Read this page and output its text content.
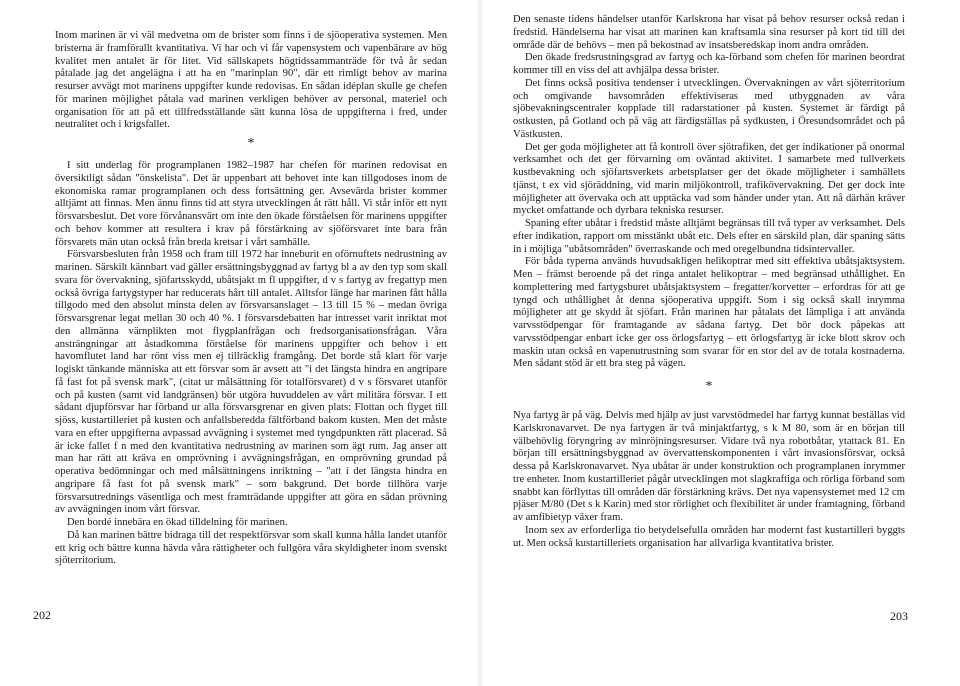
Inom marinen är vi väl medvetna om de brister som finns i de sjöoperativa systemen. Men bristerna är framförallt kvantitativa. Vi har och vi får vapensystem och vapenbärare av hög kvalitet men antalet är för litet. Vid sällskapets högtidssammanträde för två år sedan påtalade jag det angelägna i att ha en "marinplan 90", där ett rimligt behov av marina resurser avvägt mot marinens uppgifter kunde redovisas. En sådan idéplan skulle ge chefen för marinen möjlighet påtala vad marinen verkligen behöver av personal, materiel och organisation för att på ett tillfredsställande sätt kunna lösa de uppgifterna i fred, under neutralitet och i krigsfallet.

*

I sitt underlag för programplanen 1982–1987 har chefen för marinen redovisat en översiktligt sådan "önskelista". Det är uppenbart att behovet inte kan tillgodoses inom de ekonomiska ramar programplanen och dess fortsättning ger. Avsevärda brister kommer alltjämt att finnas. Men ännu finns tid att styra utvecklingen åt rätt håll. Vi står inför ett nytt försvarsbeslut. Det vore förvånansvärt om inte den ökade förståelsen för marinens uppgifter och behov kommer att resultera i krav på förstärkning av sjöförsvaret inte bara från försvarets män utan också från breda kretsar i vårt samhälle.

Försvarsbesluten från 1958 och fram till 1972 har inneburit en oförnuftets nedrustning av marinen. Särskilt kännbart vad gäller ersättningsbyggnad av fartyg bl a av den typ som skall svara för övervakning, sjöfartsskydd, ubåtsjakt m fl uppgifter, d v s fartyg av fregattyp men också övriga fartygstyper har reducerats hårt till antalet. Alltsfor länge har marinen fått hålla tillgodo med den absolut minsta delen av försvarsanslaget – 13 till 15 % – medan övriga försvarsgrenar legat mellan 30 och 40 %. I försvarsdebatten har intresset varit inriktat mot den allmänna värnplikten mot flygplanfrågan och fredsorganisationsfrågan. Våra ansträngningar att åstadkomma förståelse för marinens uppgifter och behov i ett havomflutet land har rönt viss men ej tillräcklig framgång. Det borde stå klart för varje logiskt tänkande människa att ett försvar som är avsett att "i det längsta hindra en angripare få fast fot på svensk mark", (citat ur målsättning för totalförsvaret) d v s försvaret utanför och på kusten (samt vid landgränsen) bör utgöra huvuddelen av vårt militära försvar. I ett sådant djupförsvar har förband ur alla försvarsgrenar en given plats: Flottan och flyget till sjöss, kustartilleriet på kusten och anfallsberedda fältförband bakom kusten. Men det måste vara en efter uppgifterna avpassad avvägning i systemet med tyngdpunkten rätt placerad. Så är icke fallet f n med den kvantitativa nedrustning av marinen som ägt rum. Jag anser att man har rätt att kräva en omprövning i avvägningsfrågan, en omprövning grundad på operativa bedömningar och med målsättningens inriktning – "att i det längsta hindra en angripare få fast fot på svensk mark" – som bakgrund. Det borde tillhöra varje försvarsutrednings väsentliga och mest framträdande uppgifter att göra en sådan prövning av avvägningen inom vårt försvar.

Den bordé innebära en ökad tilldelning för marinen.

Då kan marinen bättre bidraga till det respektförsvar som skall kunna hålla landet utanför ett krig och bättre kunna hävda våra rättigheter och fullgöra våra skyldigheter inom svenskt sjöterritorium.

202

Den senaste tidens händelser utanför Karlskrona har visat på behov resurser också redan i fredstid. Händelserna har visat att marinen kan kraftsamla sina resurser på kort tid till det område där de behövs – men på bekostnad av insatsberedskap inom andra områden.

Den ökade fredsrustningsgrad av fartyg och ka-förband som chefen för marinen beordrat kommer till en viss del att avhjälpa dessa brister.

Det finns också positiva tendenser i utvecklingen. Övervakningen av vårt sjöterritorium och omgivande havsområden effektiviseras med utbyggnaden av våra sjöbevakningscentraler kopplade till radarstationer på kusten. Systemet är färdigt på ostkusten, på Gotland och på väg att färdigställas på sydkusten, i Öresundsområdet och på Västkusten.

Det ger goda möjligheter att få kontroll över sjötrafiken, det ger indikationer på onormal verksamhet och det ger förvarning om oväntad aktivitet. I samarbete med tullverkets kustbevakning och sjöfartsverkets arbetsplatser ger det ökade möjligheter i samhällets tjänst, t ex vid sjöräddning, vid marin miljökontroll, trafikövervakning. Det ger dock inte möjligheter att övervaka och att upptäcka vad som händer under ytan. Att nå därhän kräver mycket omfattande och dyrbara tekniska resurser.

Spaning efter ubåtar i fredstid måste alltjämt begränsas till två typer av verksamhet. Dels efter indikation, rapport om misstänkt ubåt etc. Dels efter en särskild plan, där spaning sätts in i möjliga "ubåtsområden" överraskande och med oregelbundna tidsintervaller.

För båda typerna används huvudsakligen helikoptrar med sitt effektiva ubåtsjaktsystem. Men – främst beroende på det ringa antalet helikoptrar – med begränsad uthållighet. En komplettering med fartygsburet ubåtsjaktsystem – fregatter/korvetter – erfordras för att ge tyngd och uthållighet åt denna sjöoperativa uppgift. Som i sig också skall inrymma möjligheter att ge skydd åt sjöfart. Från marinen har påtalats det lämpliga i att använda varvsstödpengar för framtagande av sådana fartyg. Det bör dock påpekas att varvsstödpengar enbart icke ger oss örlogsfartyg – ett örlogsfartyg är icke blott skrov och maskin utan också en vapenutrustning som svarar för en stor del av de totala kostnaderna. Men sådant stöd är ett bra steg på vägen.

*

Nya fartyg är på väg. Delvis med hjälp av just varvstödmedel har fartyg kunnat beställas vid Karlskronavarvet. De nya fartygen är två minjaktfartyg, s k M 80, som är en början till välbehövlig föryngring av minröjningsresurser. Vidare två nya robotbåtar, ytattack 81. En början till ersättningsbyggnad av övervattenskomponenten i vårt invasionsförsvar, också dessa på Karlskronavarvet. Nya ubåtar är under konstruktion och programplanen inrymmer tre enheter. Inom kustartilleriet pågår utvecklingen mot slagkraftiga och rörliga förband som snabbt kan förflyttas till områden där förstärkning krävs. Det nya vapensystemet med 12 cm pjäser M/80 (Det s k Karin) med stor rörlighet och flexibilitet är under framtagning, förband av amfibietyp växer fram.

Inom sex av erforderliga tio betydelsefulla områden har modernt fast kustartilleri byggts ut. Men också kustartilleriets organisation har allvarliga kvantitativa brister.

203
